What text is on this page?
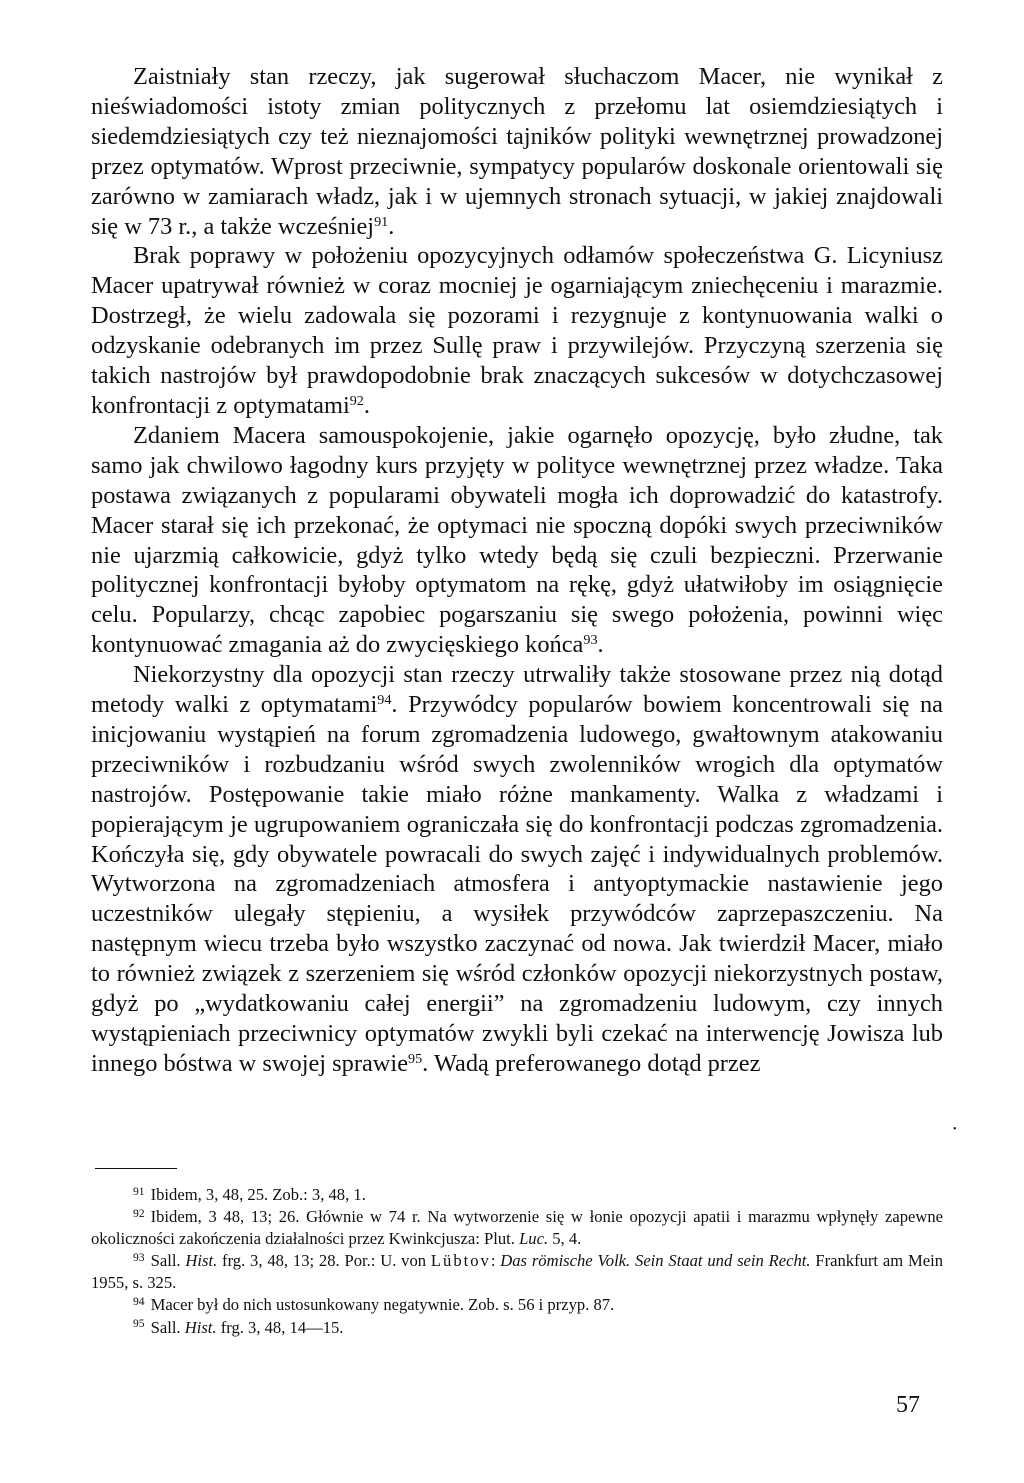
Zaistniały stan rzeczy, jak sugerował słuchaczom Macer, nie wynikał z nieświadomości istoty zmian politycznych z przełomu lat osiemdziesiątych i siedemdziesiątych czy też nieznajomości tajników polityki wewnętrznej prowadzonej przez optymatów. Wprost przeciwnie, sympatycy popularów doskonale orientowali się zarówno w zamiarach władz, jak i w ujemnych stronach sytuacji, w jakiej znajdowali się w 73 r., a także wcześniej$^{91}$.

Brak poprawy w położeniu opozycyjnych odłamów społeczeństwa G. Licyniusz Macer upatrywał również w coraz mocniej je ogarniającym zniechęceniu i marazmie. Dostrzegł, że wielu zadowala się pozorami i rezygnuje z kontynuowania walki o odzyskanie odebranych im przez Sullę praw i przywilejów. Przyczyną szerzenia się takich nastrojów był prawdopodobnie brak znaczących sukcesów w dotychczasowej konfrontacji z optymatami$^{92}$.

Zdaniem Macera samouspokojenie, jakie ogarnęło opozycję, było złudne, tak samo jak chwilowo łagodny kurs przyjęty w polityce wewnętrznej przez władze. Taka postawa związanych z popularami obywateli mogła ich doprowadzić do katastrofy. Macer starał się ich przekonać, że optymaci nie spoczną dopóki swych przeciwników nie ujarzmią całkowicie, gdyż tylko wtedy będą się czuli bezpieczni. Przerwanie politycznej konfrontacji byłoby optymatom na rękę, gdyż ułatwiłoby im osiągnięcie celu. Popularzy, chcąc zapobiec pogarszaniu się swego położenia, powinni więc kontynuować zmagania aż do zwycięskiego końca$^{93}$.

Niekorzystny dla opozycji stan rzeczy utrwaliły także stosowane przez nią dotąd metody walki z optymatami$^{94}$. Przywódcy popularów bowiem koncentrowali się na inicjowaniu wystąpień na forum zgromadzenia ludowego, gwałtownym atakowaniu przeciwników i rozbudzaniu wśród swych zwolenników wrogich dla optymatów nastrojów. Postępowanie takie miało różne mankamenty. Walka z władzami i popierającym je ugrupowaniem ograniczała się do konfrontacji podczas zgromadzenia. Kończyła się, gdy obywatele powracali do swych zajęć i indywidualnych problemów. Wytworzona na zgromadzeniach atmosfera i antyoptymackie nastawienie jego uczestników ulegały stępieniu, a wysiłek przywódców zaprzepaszczeniu. Na następnym wiecu trzeba było wszystko zaczynać od nowa. Jak twierdził Macer, miało to również związek z szerzeniem się wśród członków opozycji niekorzystnych postaw, gdyż po „wydatkowaniu całej energii” na zgromadzeniu ludowym, czy innych wystąpieniach przeciwnicy optymatów zwykli byli czekać na interwencję Jowisza lub innego bóstwa w swojej sprawie$^{95}$. Wadą preferowanego dotąd przez

•

$^{91}$ Ibidem, 3, 48, 25. Zob.: 3, 48, 1.

$^{92}$ Ibidem, 3 48, 13; 26. Głównie w 74 r. Na wytworzenie się w łonie opozycji apatii i marazmu wpłynęły zapewne okoliczności zakończenia działalności przez Kwinkcjusza: Plut. Luc. 5, 4.

$^{93}$ Sall. Hist. frg. 3, 48, 13; 28. Por.: U. von Lübtov: Das römische Volk. Sein Staat und sein Recht. Frankfurt am Mein 1955, s. 325.

$^{94}$ Macer był do nich ustosunkowany negatywnie. Zob. s. 56 i przyp. 87.

$^{95}$ Sall. Hist. frg. 3, 48, 14—15.

57
